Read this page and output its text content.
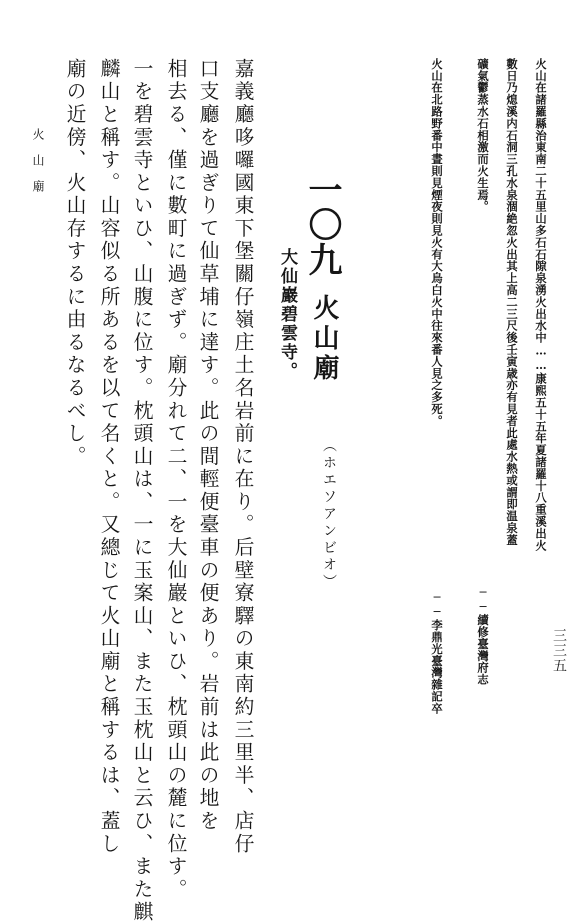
火山在諸羅縣治東南二十五里山多石石隙泉湧火出水中……康熙五十五年夏諸羅十八重溪出火
數日乃熄溪内石洞三孔水泉涸絶忽火出其上高二三尺後壬寅歳亦有見者此處水熱或謂即温泉蓋
礦氣鬱蒸水石相激而火生焉。
──續修臺灣府志
火山在北路野番中晝則見煙夜則見火有大烏白火中往來番人見之多死。
──李鼎光臺灣雜記卒
一〇九
火山廟
（ホエソアンビオ）
大仙巖碧雲寺。
嘉義廳哆囉國東下堡關仔嶺庄土名岩前に在り。后壁寮驛の東南約三里半、店仔
口支廳を過ぎりて仙草埔に達す。此の間輕便臺車の便あり。岩前は此の地を
相去る、僅に數町に過ぎず。廟分れて二、一を大仙巖といひ、枕頭山の麓に位す。
一を碧雲寺といひ、山腹に位す。枕頭山は、一に玉案山、また玉枕山と云ひ、また麒
麟山と稱す。山容似る所あるを以て名くと。又總じて火山廟と稱するは、蓋し
廟の近傍、火山存するに由るなるべし。
火山廟
三三五
